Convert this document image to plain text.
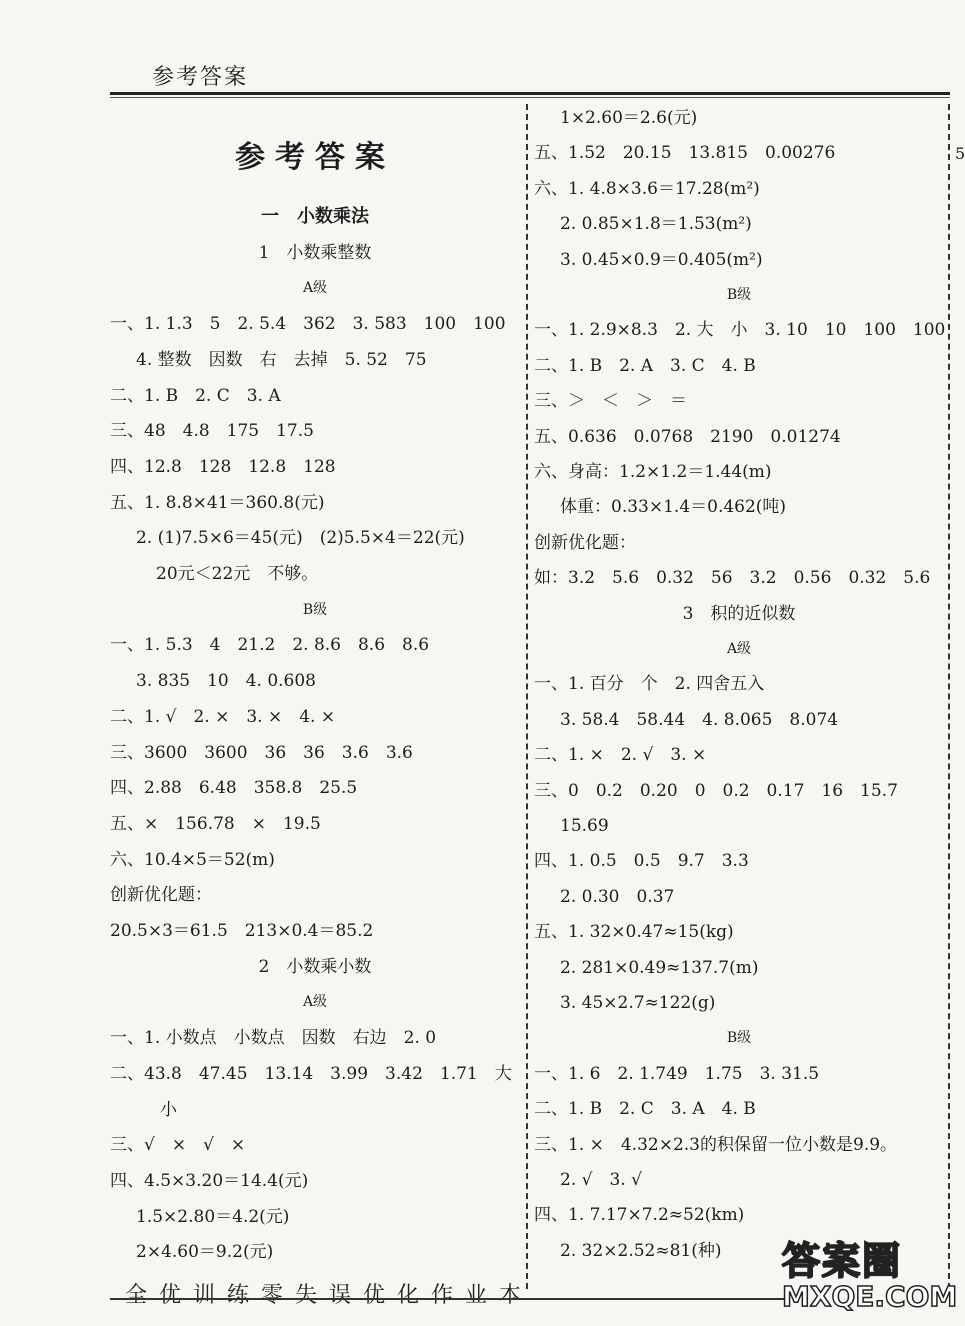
参考答案
参考答案	5
一　小数乘法
1　小数乘整数
A级
一、1. 1.3　5　2. 5.4　362　3. 583　100　100
4. 整数　因数　右　去掉　5. 52　75
二、1. B　2. C　3. A
三、48　4.8　175　17.5
四、12.8　128　12.8　128
五、1. 8.8×41＝360.8(元)
2. (1)7.5×6＝45(元)　(2)5.5×4＝22(元)
20元＜22元　不够。
B级
一、1. 5.3　4　21.2　2. 8.6　8.6　8.6
3. 835　10　4. 0.608
二、1. √　2. ×　3. ×　4. ×
三、3600　3600　36　36　3.6　3.6
四、2.88　6.48　358.8　25.5
五、×　156.78　×　19.5
六、10.4×5＝52(m)
创新优化题：
20.5×3＝61.5　213×0.4＝85.2
2　小数乘小数
A级
一、1. 小数点　小数点　因数　右边　2. 0
二、43.8　47.45　13.14　3.99　3.42　1.71　大
小
三、√　×　√　×
四、4.5×3.20＝14.4(元)
1.5×2.80＝4.2(元)
2×4.60＝9.2(元)
1×2.60＝2.6(元)
五、1.52　20.15　13.815　0.00276
六、1. 4.8×3.6＝17.28(m²)
2. 0.85×1.8＝1.53(m²)
3. 0.45×0.9＝0.405(m²)
B级
一、1. 2.9×8.3　2. 大　小　3. 10　10　100　100
二、1. B　2. A　3. C　4. B
三、＞　＜　＞　＝
五、0.636　0.0768　2190　0.01274
六、身高：1.2×1.2＝1.44(m)
体重：0.33×1.4＝0.462(吨)
创新优化题：
如：3.2　5.6　0.32　56　3.2　0.56　0.32　5.6
3　积的近似数
A级
一、1. 百分　个　2. 四舍五入
3. 58.4　58.44　4. 8.065　8.074
二、1. ×　2. √　3. ×
三、0　0.2　0.20　0　0.2　0.17　16　15.7
15.69
四、1. 0.5　0.5　9.7　3.3
2. 0.30　0.37
五、1. 32×0.47≈15(kg)
2. 281×0.49≈137.7(m)
3. 45×2.7≈122(g)
B级
一、1. 6　2. 1.749　1.75　3. 31.5
二、1. B　2. C　3. A　4. B
三、1. ×　4.32×2.3的积保留一位小数是9.9。
2. √　3. √
四、1. 7.17×7.2≈52(km)
2. 32×2.52≈81(种)
全优训练零失误优化作业本
答案圈
MXQE.COM
